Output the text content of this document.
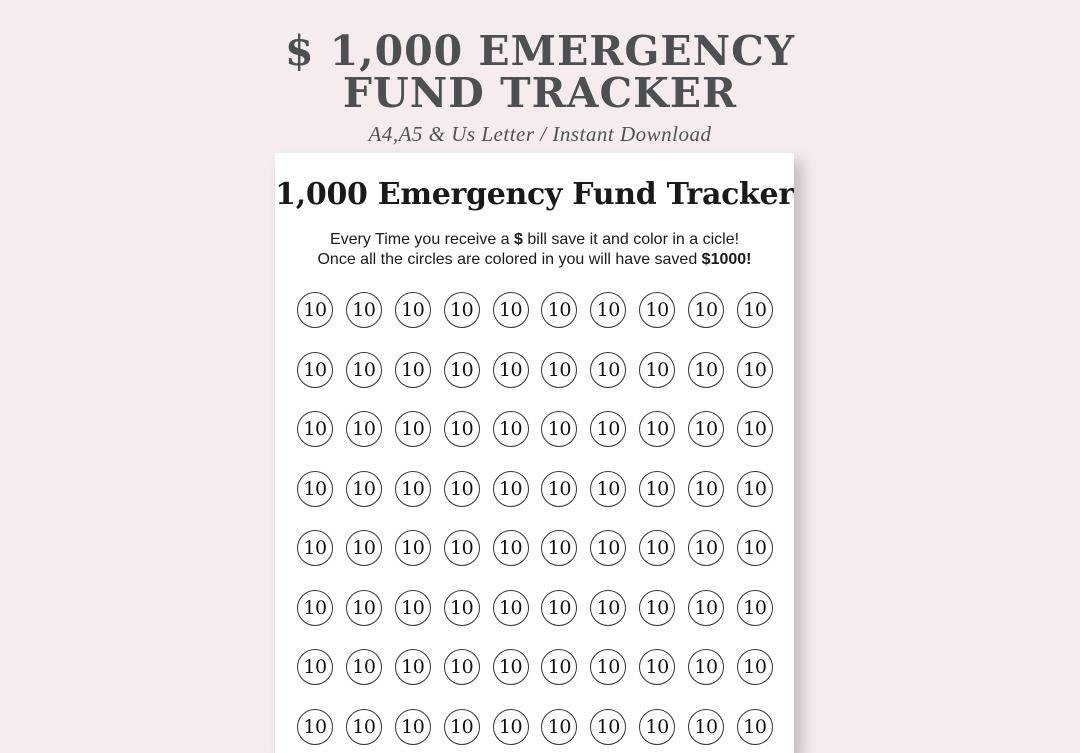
$ 1,000 EMERGENCY
FUND TRACKER

A4,A5 & Us Letter / Instant Download

1,000 Emergency Fund Tracker

Every Time you receive a $ bill save it and color in a cicle!

Once all the circles are colored in you will have saved $1000!

10	10	10	10	10	10	10	10	10	10
10	10	10	10	10	10	10	10	10	10
10	10	10	10	10	10	10	10	10	10
10	10	10	10	10	10	10	10	10	10
10	10	10	10	10	10	10	10	10	10
10	10	10	10	10	10	10	10	10	10
10	10	10	10	10	10	10	10	10	10
10	10	10	10	10	10	10	10	10	10
